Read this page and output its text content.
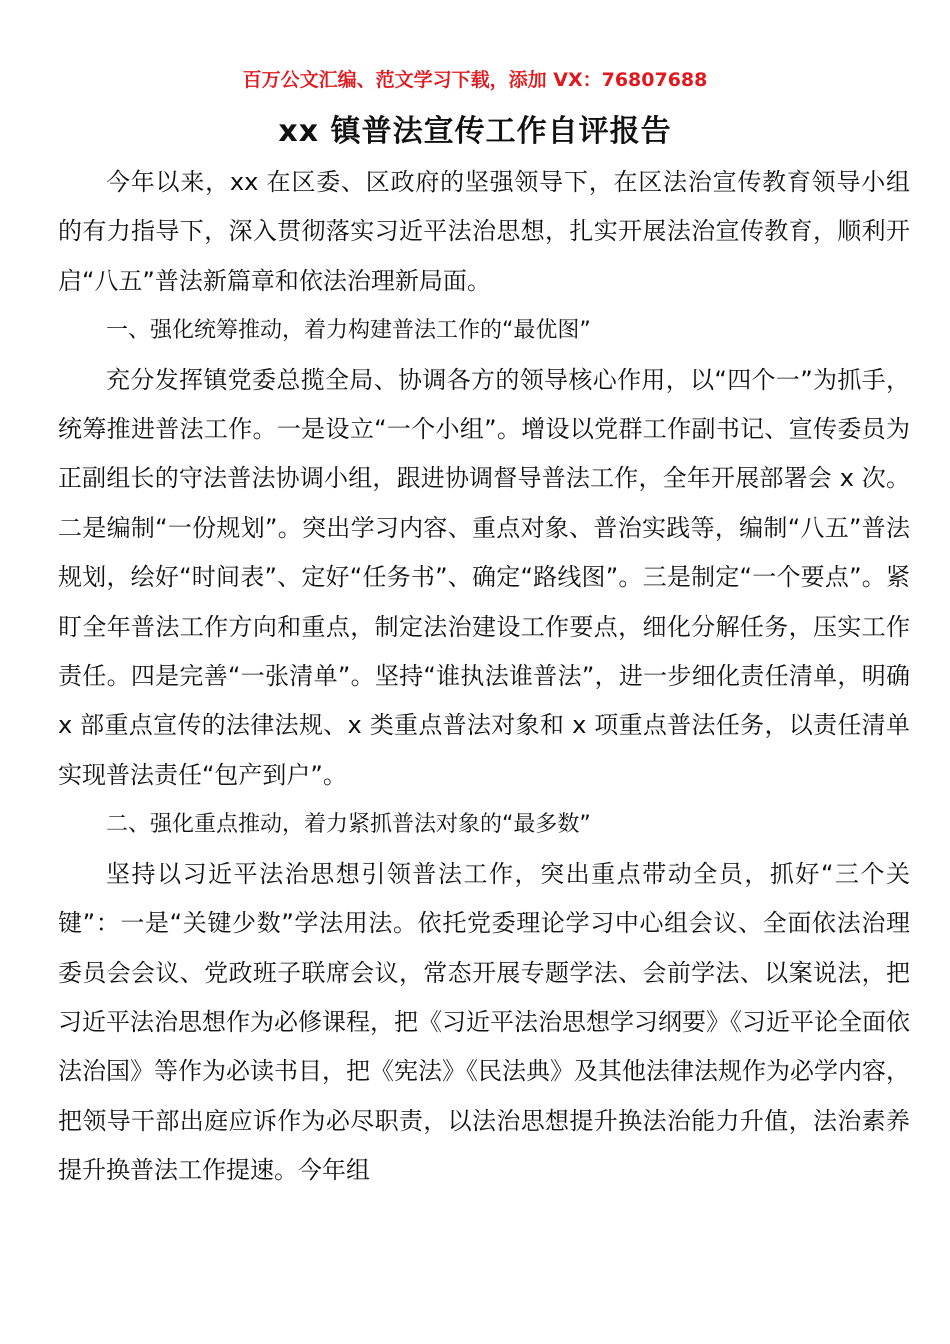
百万公文汇编、范文学习下载，添加 VX：76807688
xx 镇普法宣传工作自评报告

今年以来，xx 在区委、区政府的坚强领导下，在区法治宣传教育领导小组的有力指导下，深入贯彻落实习近平法治思想，扎实开展法治宣传教育，顺利开启“八五”普法新篇章和依法治理新局面。

一、强化统筹推动，着力构建普法工作的“最优图”

充分发挥镇党委总揽全局、协调各方的领导核心作用，以“四个一”为抓手，统筹推进普法工作。一是设立“一个小组”。增设以党群工作副书记、宣传委员为正副组长的守法普法协调小组，跟进协调督导普法工作，全年开展部署会 x 次。二是编制“一份规划”。突出学习内容、重点对象、普治实践等，编制“八五”普法规划，绘好“时间表”、定好“任务书”、确定“路线图”。三是制定“一个要点”。紧盯全年普法工作方向和重点，制定法治建设工作要点，细化分解任务，压实工作责任。四是完善“一张清单”。坚持“谁执法谁普法”，进一步细化责任清单，明确 x 部重点宣传的法律法规、x 类重点普法对象和 x 项重点普法任务，以责任清单实现普法责任“包产到户”。

二、强化重点推动，着力紧抓普法对象的“最多数”

坚持以习近平法治思想引领普法工作，突出重点带动全员，抓好“三个关键”：一是“关键少数”学法用法。依托党委理论学习中心组会议、全面依法治理委员会会议、党政班子联席会议，常态开展专题学法、会前学法、以案说法，把习近平法治思想作为必修课程，把《习近平法治思想学习纲要》《习近平论全面依法治国》等作为必读书目，把《宪法》《民法典》及其他法律法规作为必学内容，把领导干部出庭应诉作为必尽职责，以法治思想提升换法治能力升值，法治素养提升换普法工作提速。今年组
